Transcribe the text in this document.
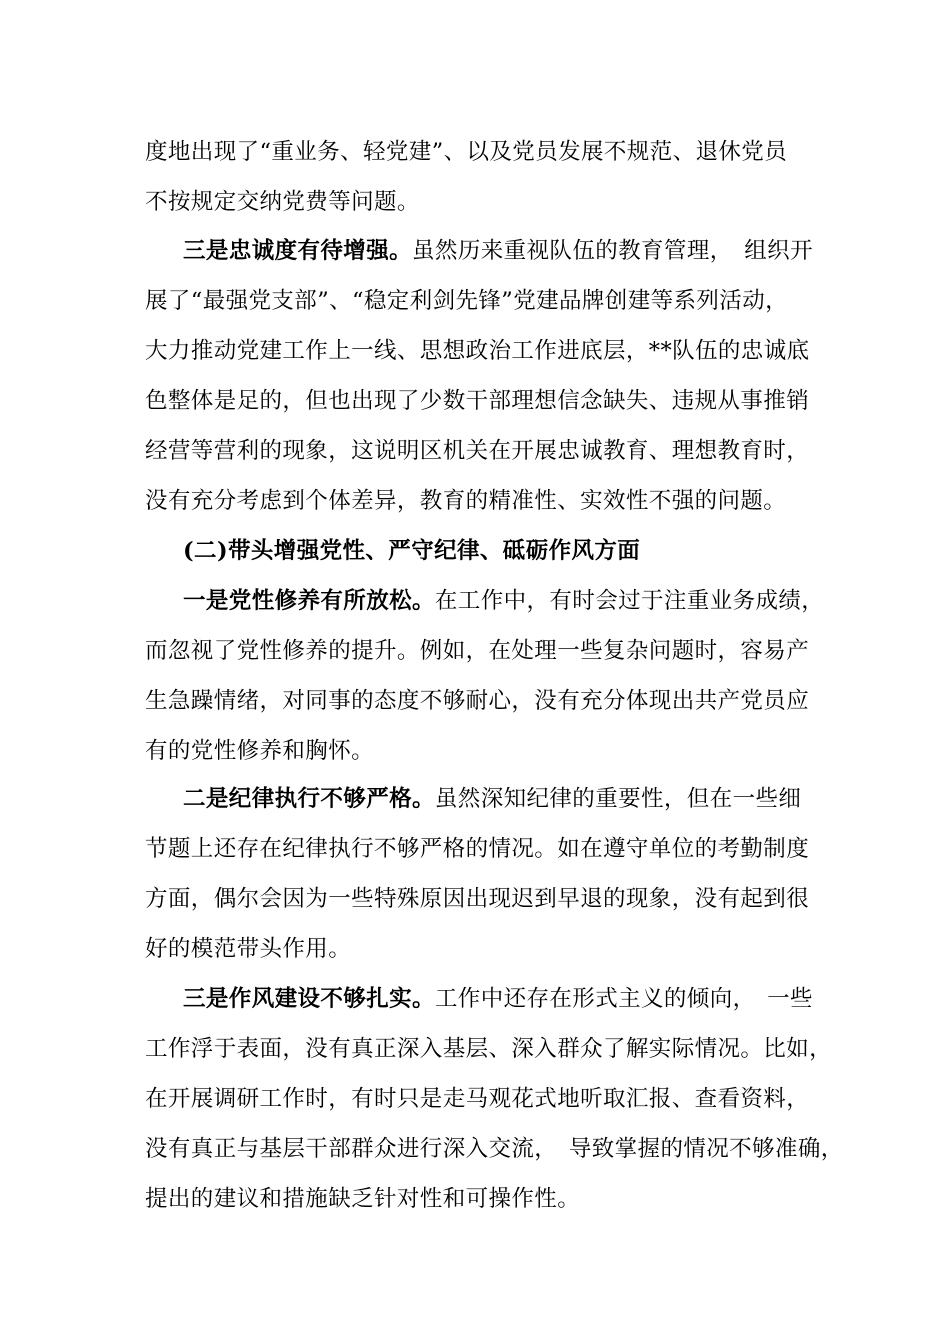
度地出现了“重业务、轻党建”、以及党员发展不规范、退休党员
不按规定交纳党费等问题。
三是忠诚度有待增强。虽然历来重视队伍的教育管理，　组织开
展了“最强党支部”、“稳定利剑先锋”党建品牌创建等系列活动，
大力推动党建工作上一线、思想政治工作进底层，**队伍的忠诚底
色整体是足的，但也出现了少数干部理想信念缺失、违规从事推销
经营等营利的现象，这说明区机关在开展忠诚教育、理想教育时，
没有充分考虑到个体差异，教育的精准性、实效性不强的问题。
(二)带头增强党性、严守纪律、砥砺作风方面
一是党性修养有所放松。在工作中，有时会过于注重业务成绩，
而忽视了党性修养的提升。例如，在处理一些复杂问题时，容易产
生急躁情绪，对同事的态度不够耐心，没有充分体现出共产党员应
有的党性修养和胸怀。
二是纪律执行不够严格。虽然深知纪律的重要性，但在一些细
节题上还存在纪律执行不够严格的情况。如在遵守单位的考勤制度
方面，偶尔会因为一些特殊原因出现迟到早退的现象，没有起到很
好的模范带头作用。
三是作风建设不够扎实。工作中还存在形式主义的倾向，　一些
工作浮于表面，没有真正深入基层、深入群众了解实际情况。比如，
在开展调研工作时，有时只是走马观花式地听取汇报、查看资料，
没有真正与基层干部群众进行深入交流，　导致掌握的情况不够准确，
提出的建议和措施缺乏针对性和可操作性。
